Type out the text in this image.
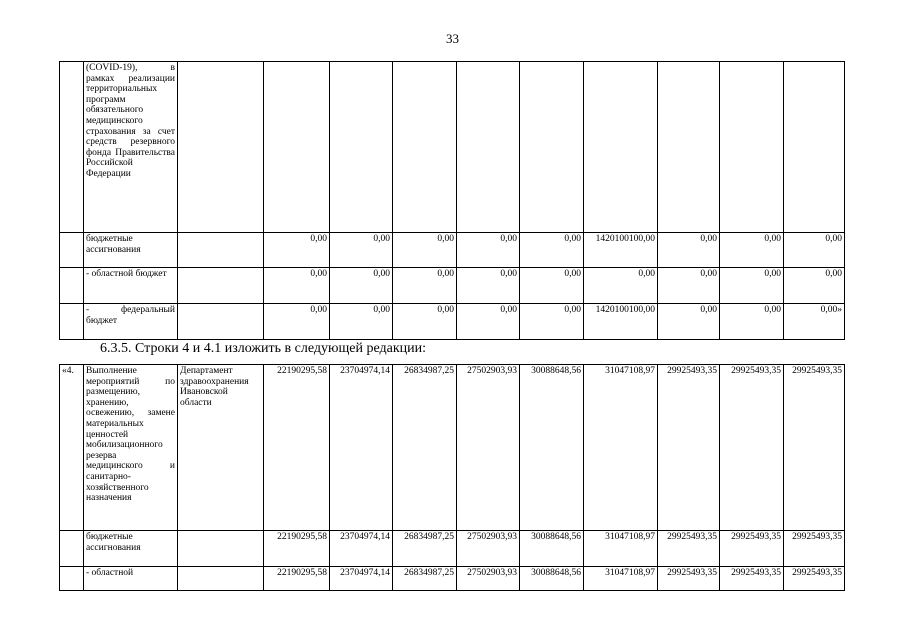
33
	(COVID-19), в рамках реализации территориальных программ обязательного медицинского страхования за счет средств резервного фонда Правительства Российской Федерации										
	бюджетные ассигнования		0,00	0,00	0,00	0,00	0,00	1420100100,00	0,00	0,00	0,00
	- областной бюджет		0,00	0,00	0,00	0,00	0,00	0,00	0,00	0,00	0,00
	- федеральный бюджет		0,00	0,00	0,00	0,00	0,00	1420100100,00	0,00	0,00	0,00»
6.3.5. Строки 4 и 4.1 изложить в следующей редакции:
«4.	Выполнение мероприятий по размещению, хранению, освежению, замене материальных ценностей мобилизационного резерва медицинского и санитарно-хозяйственного назначения	Департамент здравоохранения Ивановской области	22190295,58	23704974,14	26834987,25	27502903,93	30088648,56	31047108,97	29925493,35	29925493,35	29925493,35
	бюджетные ассигнования		22190295,58	23704974,14	26834987,25	27502903,93	30088648,56	31047108,97	29925493,35	29925493,35	29925493,35
	- областной		22190295,58	23704974,14	26834987,25	27502903,93	30088648,56	31047108,97	29925493,35	29925493,35	29925493,35
